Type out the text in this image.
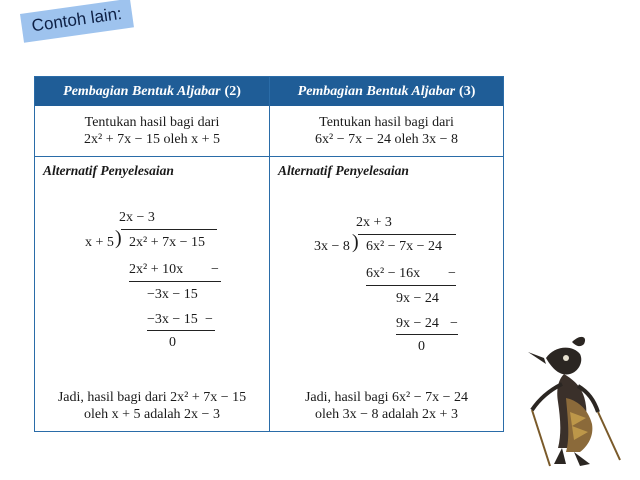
Contoh lain:
Pembagian Bentuk Aljabar (2)
Tentukan hasil bagi dari
2x² + 7x − 15 oleh x + 5
Alternatif Penyelesaian
2x − 3
x + 5 ) 2x² + 7x − 15
2x² + 10x −
−3x − 15
−3x − 15 −
0
Jadi, hasil bagi dari 2x² + 7x − 15
oleh x + 5 adalah 2x − 3
Pembagian Bentuk Aljabar (3)
Tentukan hasil bagi dari
6x² − 7x − 24 oleh 3x − 8
Alternatif Penyelesaian
2x + 3
3x − 8 ) 6x² − 7x − 24
6x² − 16x −
9x − 24
9x − 24 −
0
Jadi, hasil bagi 6x² − 7x − 24
oleh 3x − 8 adalah 2x + 3
